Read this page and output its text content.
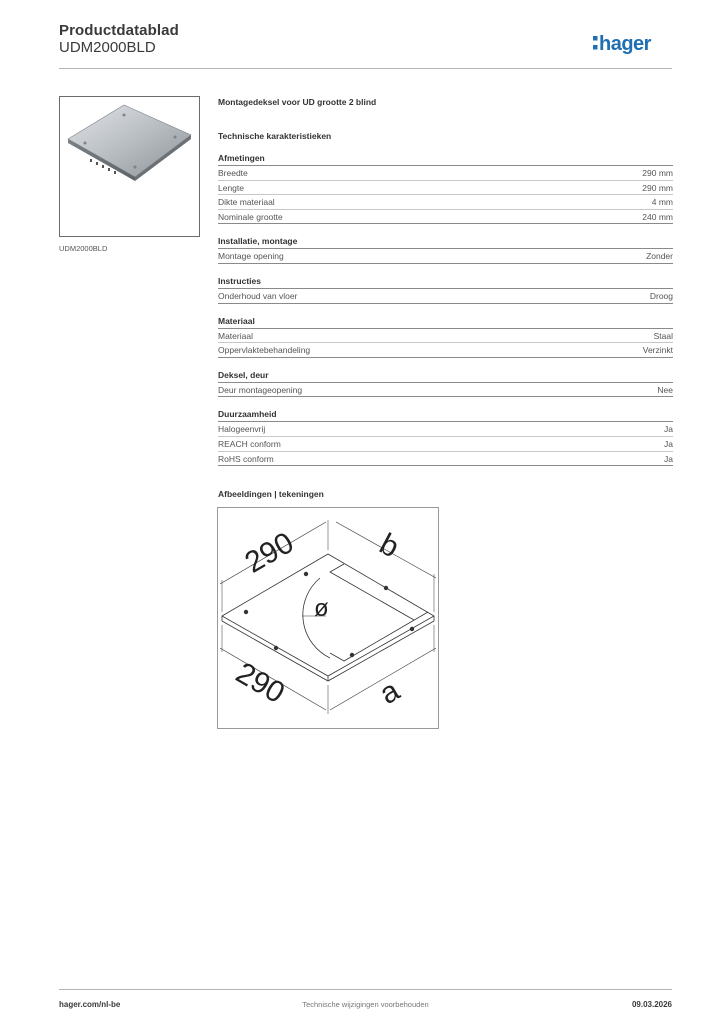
Productdatablad
UDM2000BLD	hager
UDM2000BLD
Montagedeksel voor UD grootte 2 blind
Technische karakteristieken
Afmetingen
Breedte	290 mm
Lengte	290 mm
Dikte materiaal	4 mm
Nominale grootte	240 mm
Installatie, montage
Montage opening	Zonder
Instructies
Onderhoud van vloer	Droog
Materiaal
Materiaal	Staal
Oppervlaktebehandeling	Verzinkt
Deksel, deur
Deur montageopening	Nee
Duurzaamheid
Halogeenvrij	Ja
REACH conform	Ja
RoHS conform	Ja
Afbeeldingen | tekeningen
290 b
ø
290	a
hager.com/nl-be	Technische wijzigingen voorbehouden	09.03.2026
